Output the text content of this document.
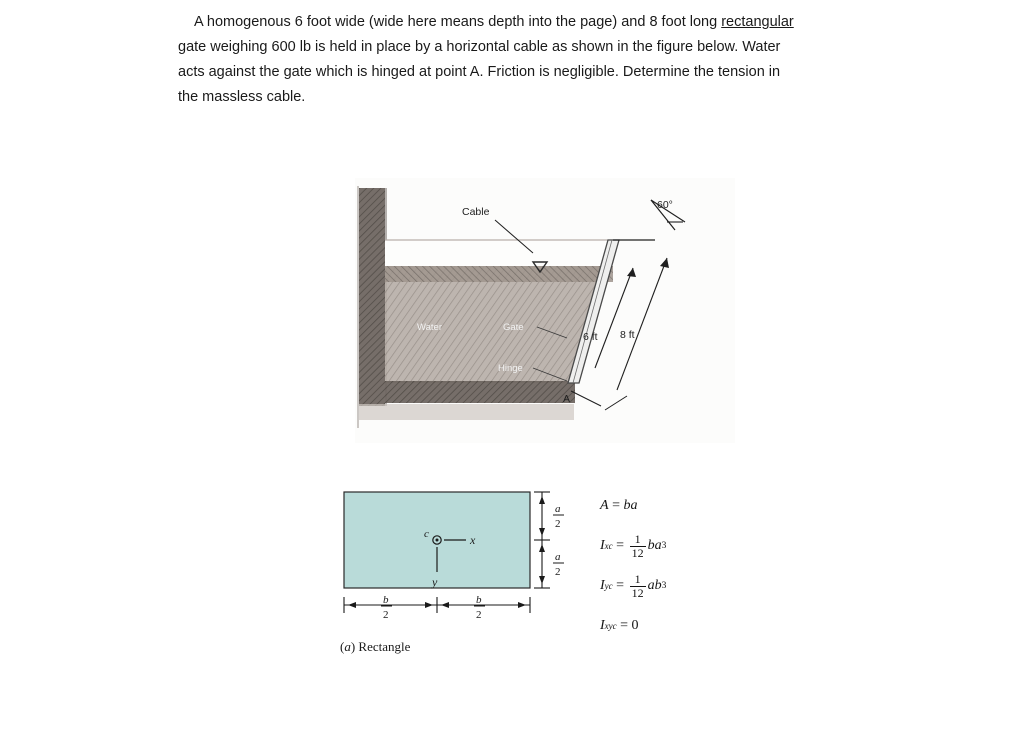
A homogenous 6 foot wide (wide here means depth into the page) and 8 foot long rectangular
gate weighing 600 lb is held in place by a horizontal cable as shown in the figure below. Water
acts against the gate which is hinged at point A. Friction is negligible. Determine the tension in
the massless cable.
Cable
60°
Water	Gate
Hinge
A
6 ft 8 ft
c	x
y
a
2
a
2
b
2
b
2
(a) Rectangle
A
=
ba
I xc
=
$\frac{1}{12}$ ba 3
I yc
=
$\frac{1}{12}$ ab 3
I xyc
= 0
